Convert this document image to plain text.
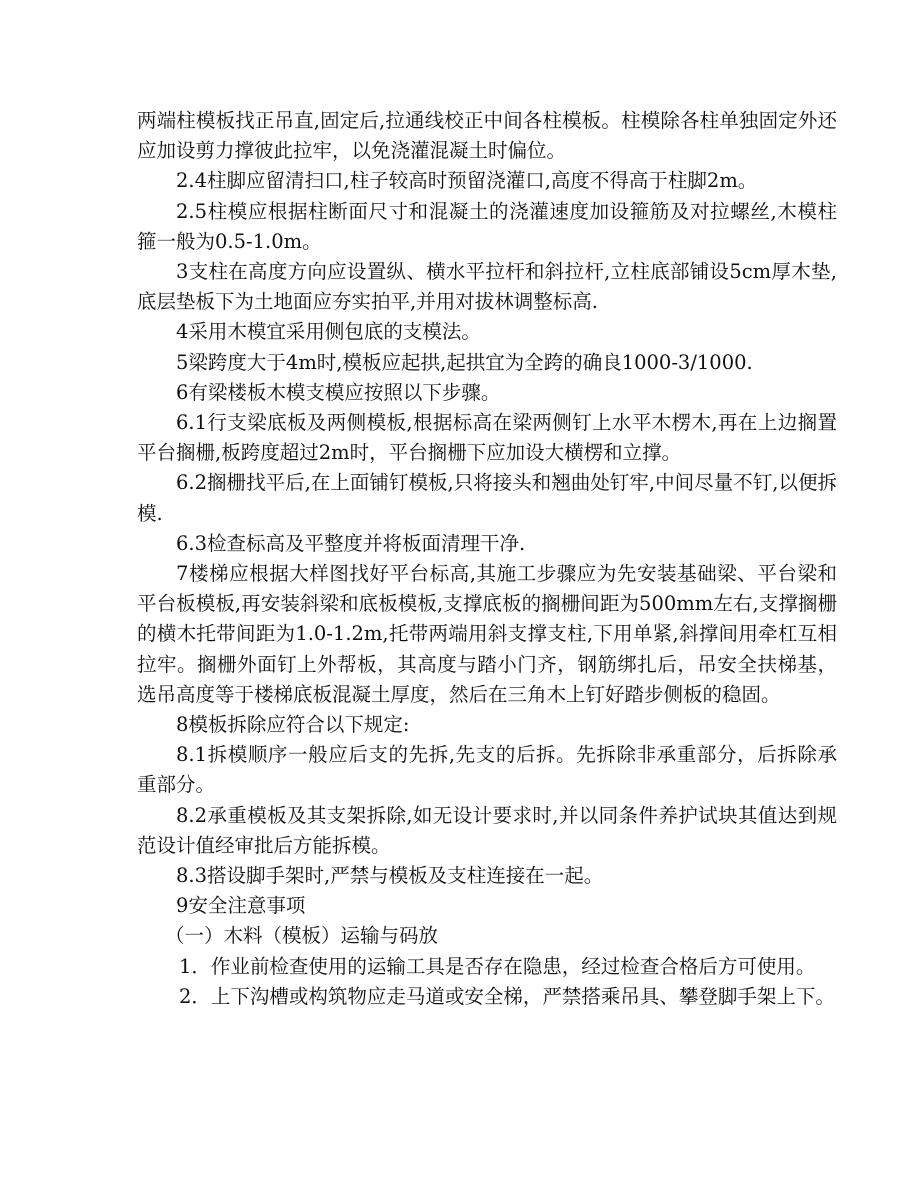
两端柱模板找正吊直,固定后,拉通线校正中间各柱模板。柱模除各柱单独固定外还应加设剪力撑彼此拉牢，以免浇灌混凝土时偏位。

2.4柱脚应留清扫口,柱子较高时预留浇灌口,高度不得高于柱脚2m。

2.5柱模应根据柱断面尺寸和混凝土的浇灌速度加设箍筋及对拉螺丝,木模柱箍一般为0.5-1.0m。

3支柱在高度方向应设置纵、横水平拉杆和斜拉杆,立柱底部铺设5cm厚木垫,底层垫板下为土地面应夯实拍平,并用对拔林调整标高.

4采用木模宜采用侧包底的支模法。

5梁跨度大于4m时,模板应起拱,起拱宜为全跨的确良1000-3/1000.

6有梁楼板木模支模应按照以下步骤。

6.1行支梁底板及两侧模板,根据标高在梁两侧钉上水平木楞木,再在上边搁置平台搁栅,板跨度超过2m时，平台搁栅下应加设大横楞和立撑。

6.2搁栅找平后,在上面铺钉模板,只将接头和翘曲处钉牢,中间尽量不钉,以便拆模.

6.3检查标高及平整度并将板面清理干净.

7楼梯应根据大样图找好平台标高,其施工步骤应为先安装基础梁、平台梁和平台板模板,再安装斜梁和底板模板,支撑底板的搁栅间距为500mm左右,支撑搁栅的横木托带间距为1.0-1.2m,托带两端用斜支撑支柱,下用单紧,斜撑间用牵杠互相拉牢。搁栅外面钉上外帮板，其高度与踏小门齐，钢筋绑扎后，吊安全扶梯基，选吊高度等于楼梯底板混凝土厚度，然后在三角木上钉好踏步侧板的稳固。

8模板拆除应符合以下规定:

8.1拆模顺序一般应后支的先拆,先支的后拆。先拆除非承重部分，后拆除承重部分。

8.2承重模板及其支架拆除,如无设计要求时,并以同条件养护试块其值达到规范设计值经审批后方能拆模。

8.3搭设脚手架时,严禁与模板及支柱连接在一起。

9安全注意事项

（一）木料（模板）运输与码放

1．作业前检查使用的运输工具是否存在隐患，经过检查合格后方可使用。

2．上下沟槽或构筑物应走马道或安全梯，严禁搭乘吊具、攀登脚手架上下。
